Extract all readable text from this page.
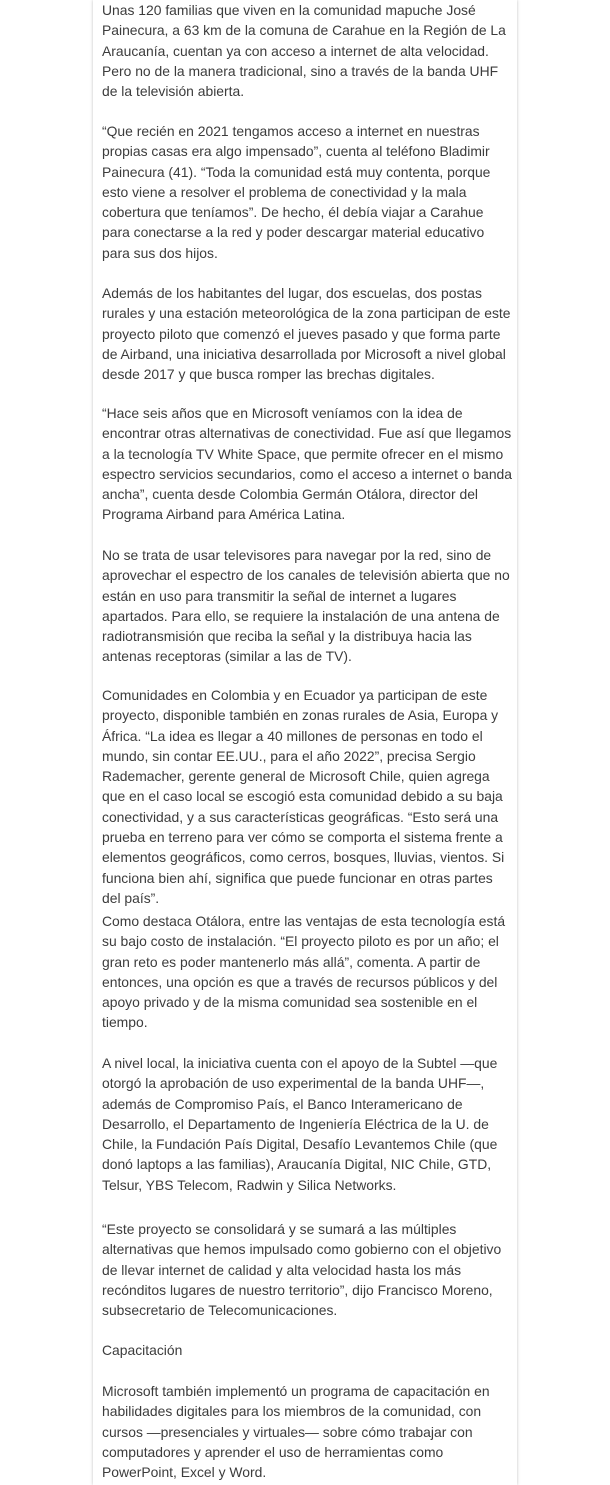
Unas 120 familias que viven en la comunidad mapuche José Painecura, a 63 km de la comuna de Carahue en la Región de La Araucanía, cuentan ya con acceso a internet de alta velocidad. Pero no de la manera tradicional, sino a través de la banda UHF de la televisión abierta.

“Que recién en 2021 tengamos acceso a internet en nuestras propias casas era algo impensado”, cuenta al teléfono Bladimir Painecura (41). “Toda la comunidad está muy contenta, porque esto viene a resolver el problema de conectividad y la mala cobertura que teníamos”. De hecho, él debía viajar a Carahue para conectarse a la red y poder descargar material educativo para sus dos hijos.

Además de los habitantes del lugar, dos escuelas, dos postas rurales y una estación meteorológica de la zona participan de este proyecto piloto que comenzó el jueves pasado y que forma parte de Airband, una iniciativa desarrollada por Microsoft a nivel global desde 2017 y que busca romper las brechas digitales.

“Hace seis años que en Microsoft veníamos con la idea de encontrar otras alternativas de conectividad. Fue así que llegamos a la tecnología TV White Space, que permite ofrecer en el mismo espectro servicios secundarios, como el acceso a internet o banda ancha”, cuenta desde Colombia Germán Otálora, director del Programa Airband para América Latina.

No se trata de usar televisores para navegar por la red, sino de aprovechar el espectro de los canales de televisión abierta que no están en uso para transmitir la señal de internet a lugares apartados. Para ello, se requiere la instalación de una antena de radiotransmisión que reciba la señal y la distribuya hacia las antenas receptoras (similar a las de TV).

Comunidades en Colombia y en Ecuador ya participan de este proyecto, disponible también en zonas rurales de Asia, Europa y África. “La idea es llegar a 40 millones de personas en todo el mundo, sin contar EE.UU., para el año 2022”, precisa Sergio Rademacher, gerente general de Microsoft Chile, quien agrega que en el caso local se escogió esta comunidad debido a su baja conectividad, y a sus características geográficas. “Esto será una prueba en terreno para ver cómo se comporta el sistema frente a elementos geográficos, como cerros, bosques, lluvias, vientos. Si funciona bien ahí, significa que puede funcionar en otras partes del país”.

Como destaca Otálora, entre las ventajas de esta tecnología está su bajo costo de instalación. “El proyecto piloto es por un año; el gran reto es poder mantenerlo más allá”, comenta. A partir de entonces, una opción es que a través de recursos públicos y del apoyo privado y de la misma comunidad sea sostenible en el tiempo.

A nivel local, la iniciativa cuenta con el apoyo de la Subtel —que otorgó la aprobación de uso experimental de la banda UHF—, además de Compromiso País, el Banco Interamericano de Desarrollo, el Departamento de Ingeniería Eléctrica de la U. de Chile, la Fundación País Digital, Desafío Levantemos Chile (que donó laptops a las familias), Araucanía Digital, NIC Chile, GTD, Telsur, YBS Telecom, Radwin y Silica Networks.

“Este proyecto se consolidará y se sumará a las múltiples alternativas que hemos impulsado como gobierno con el objetivo de llevar internet de calidad y alta velocidad hasta los más recónditos lugares de nuestro territorio”, dijo Francisco Moreno, subsecretario de Telecomunicaciones.

Capacitación

Microsoft también implementó un programa de capacitación en habilidades digitales para los miembros de la comunidad, con cursos —presenciales y virtuales— sobre cómo trabajar con computadores y aprender el uso de herramientas como PowerPoint, Excel y Word.
